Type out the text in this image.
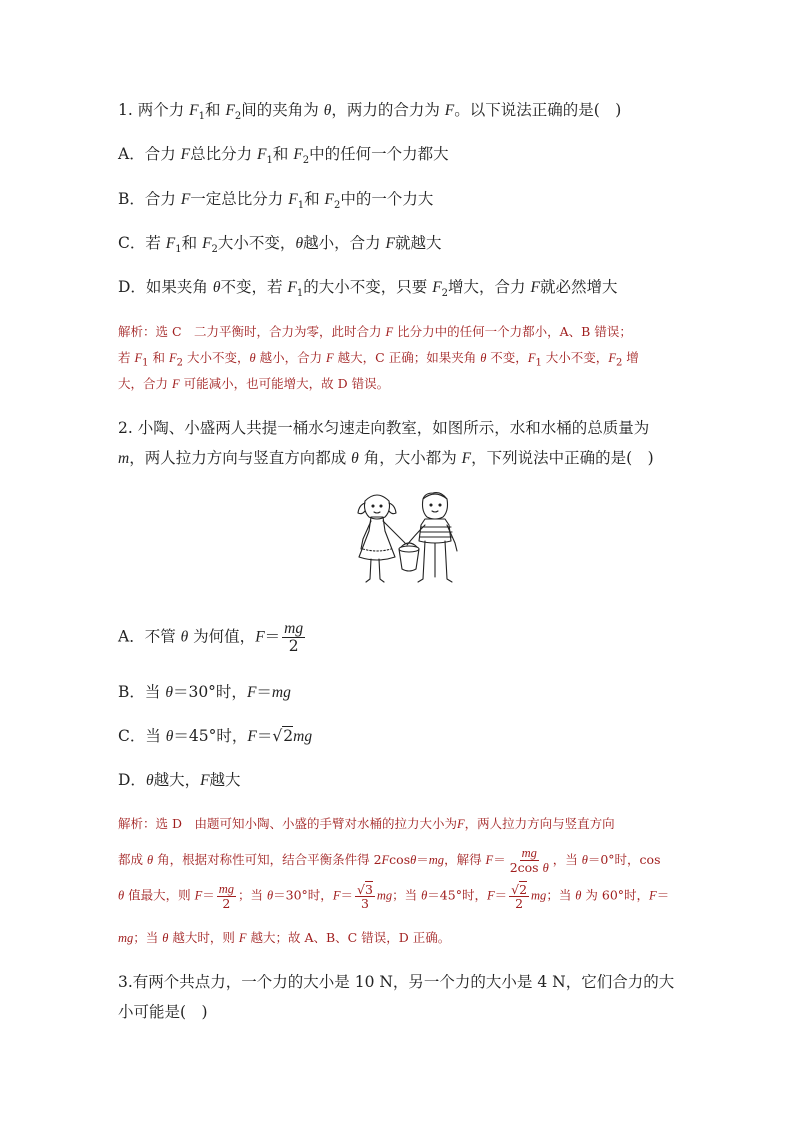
1. 两个力 $F_1$和 $F_2$间的夹角为 θ，两力的合力为 F。以下说法正确的是(　)
A．合力 F总比分力 $F_1$和 $F_2$中的任何一个力都大
B．合力 F一定总比分力 $F_1$和 $F_2$中的一个力大
C．若 $F_1$和 $F_2$大小不变，θ越小，合力 F就越大
D．如果夹角 θ不变，若 $F_1$的大小不变，只要 $F_2$增大，合力 F就必然增大
解析：选 C　二力平衡时，合力为零，此时合力 F 比分力中的任何一个力都小，A、B 错误；
若 $F_1$ 和 $F_2$ 大小不变，θ 越小，合力 F 越大，C 正确；如果夹角 θ 不变，$F_1$ 大小不变，$F_2$ 增
大，合力 F 可能减小，也可能增大，故 D 错误。
2. 小陶、小盛两人共提一桶水匀速走向教室，如图所示，水和水桶的总质量为
m，两人拉力方向与竖直方向都成 θ 角，大小都为 F，下列说法中正确的是(　)
A．不管 θ 为何值，$F= \frac{mg}{2}$
B．当 θ＝30°时，F＝mg
C．当 θ＝45°时，F＝√2mg
D．θ越大，F越大
解析：选 D　由题可知小陶、小盛的手臂对水桶的拉力大小为F，两人拉力方向与竖直方向
都成 θ 角，根据对称性可知，结合平衡条件得 2Fcosθ＝mg，解得 $F= \frac{mg}{\text{2cos θ}}$ ，当 θ＝0°时，cos
θ 值最大，则 $F= \frac{mg}{2}$ ；当 θ＝30°时，$F= \frac{√3}{3}$ mg；当 θ＝45°时，$F= \frac{√2}{2}$ mg；当 θ 为 60°时，F＝
mg；当 θ 越大时，则 F 越大；故 A、B、C 错误，D 正确。
3.有两个共点力，一个力的大小是 10 N，另一个力的大小是 4 N，它们合力的大
小可能是(　)
